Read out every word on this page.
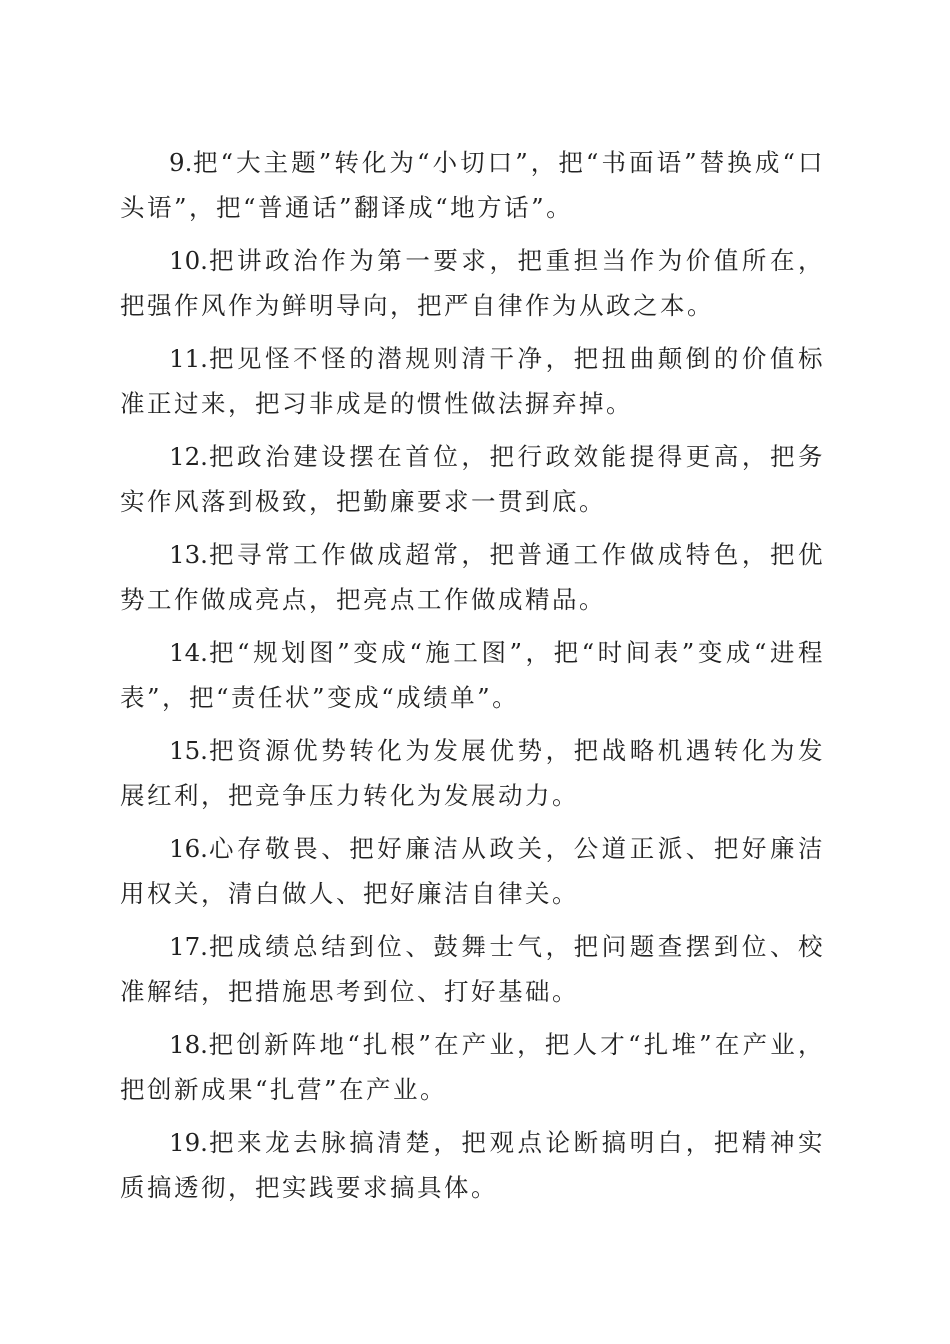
9.把“大主题”转化为“小切口”，把“书面语”替换成“口头语”，把“普通话”翻译成“地方话”。

10.把讲政治作为第一要求，把重担当作为价值所在，把强作风作为鲜明导向，把严自律作为从政之本。

11.把见怪不怪的潜规则清干净，把扭曲颠倒的价值标准正过来，把习非成是的惯性做法摒弃掉。

12.把政治建设摆在首位，把行政效能提得更高，把务实作风落到极致，把勤廉要求一贯到底。

13.把寻常工作做成超常，把普通工作做成特色，把优势工作做成亮点，把亮点工作做成精品。

14.把“规划图”变成“施工图”，把“时间表”变成“进程表”，把“责任状”变成“成绩单”。

15.把资源优势转化为发展优势，把战略机遇转化为发展红利，把竞争压力转化为发展动力。

16.心存敬畏、把好廉洁从政关，公道正派、把好廉洁用权关，清白做人、把好廉洁自律关。

17.把成绩总结到位、鼓舞士气，把问题查摆到位、校准解结，把措施思考到位、打好基础。

18.把创新阵地“扎根”在产业，把人才“扎堆”在产业，把创新成果“扎营”在产业。

19.把来龙去脉搞清楚，把观点论断搞明白，把精神实质搞透彻，把实践要求搞具体。
